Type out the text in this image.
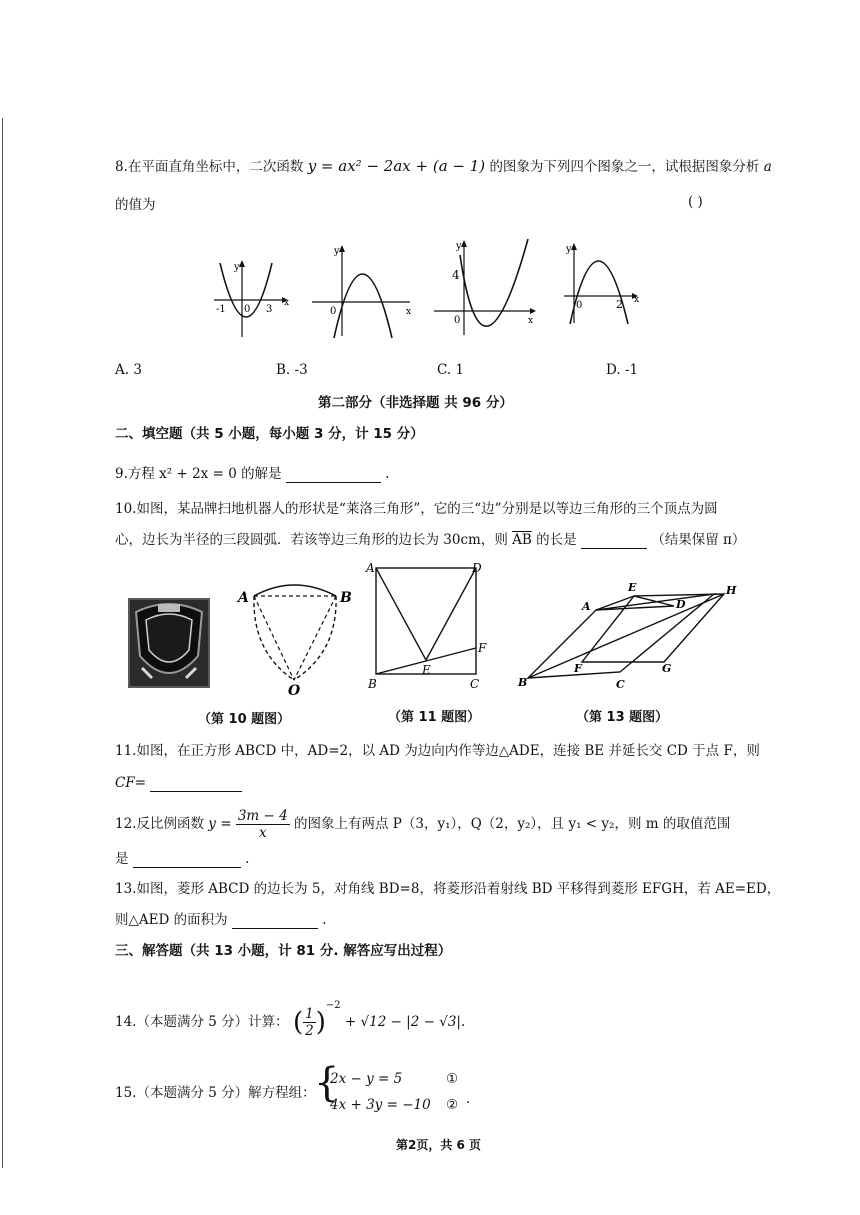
8.在平面直角坐标中，二次函数 y = ax² − 2ax + (a − 1) 的图象为下列四个图象之一，试根据图象分析 a
的值为	( )
y
-1 0 3
x
y
0	x
y
4
0	x
y
0	2 x
A. 3	B. -3	C. 1	D. -1
第二部分（非选择题 共 96 分）
二、填空题（共 5 小题，每小题 3 分，计 15 分）
9.方程 x² + 2x = 0 的解是	.
10.如图，某品牌扫地机器人的形状是“莱洛三角形”，它的三“边”分别是以等边三角形的三个顶点为圆
心，边长为半径的三段圆弧．若该等边三角形的边长为 30cm，则 $\overline{AB}$ 的长是	（结果保留 π）
A	B
O
A	D
F
E
B	C
A
E
D
H
F	G
B	C
（第 10 题图）	（第 11 题图）	（第 13 题图）
11.如图，在正方形 ABCD 中，AD=2，以 AD 为边向内作等边△ADE，连接 BE 并延长交 CD 于点 F，则
CF=
12.反比例函数 $y = \frac{3m - 4}{x}$ 的图象上有两点 P（3，y₁），Q（2，y₂），且 y₁ < y₂，则 m 的取值范围
是	.
13.如图，菱形 ABCD 的边长为 5，对角线 BD=8，将菱形沿着射线 BD 平移得到菱形 EFGH，若 AE=ED，
则△AED 的面积为	.
三、解答题（共 13 小题，计 81 分. 解答应写出过程）
14.（本题满分 5 分）计算： ( $\frac{1}{2} )^{-2} + √12 - |2 - √3|$.
15.（本题满分 5 分）解方程组：
{
2x − y = 5
4x + 3y = −10
①
② .
第2页，共 6 页
